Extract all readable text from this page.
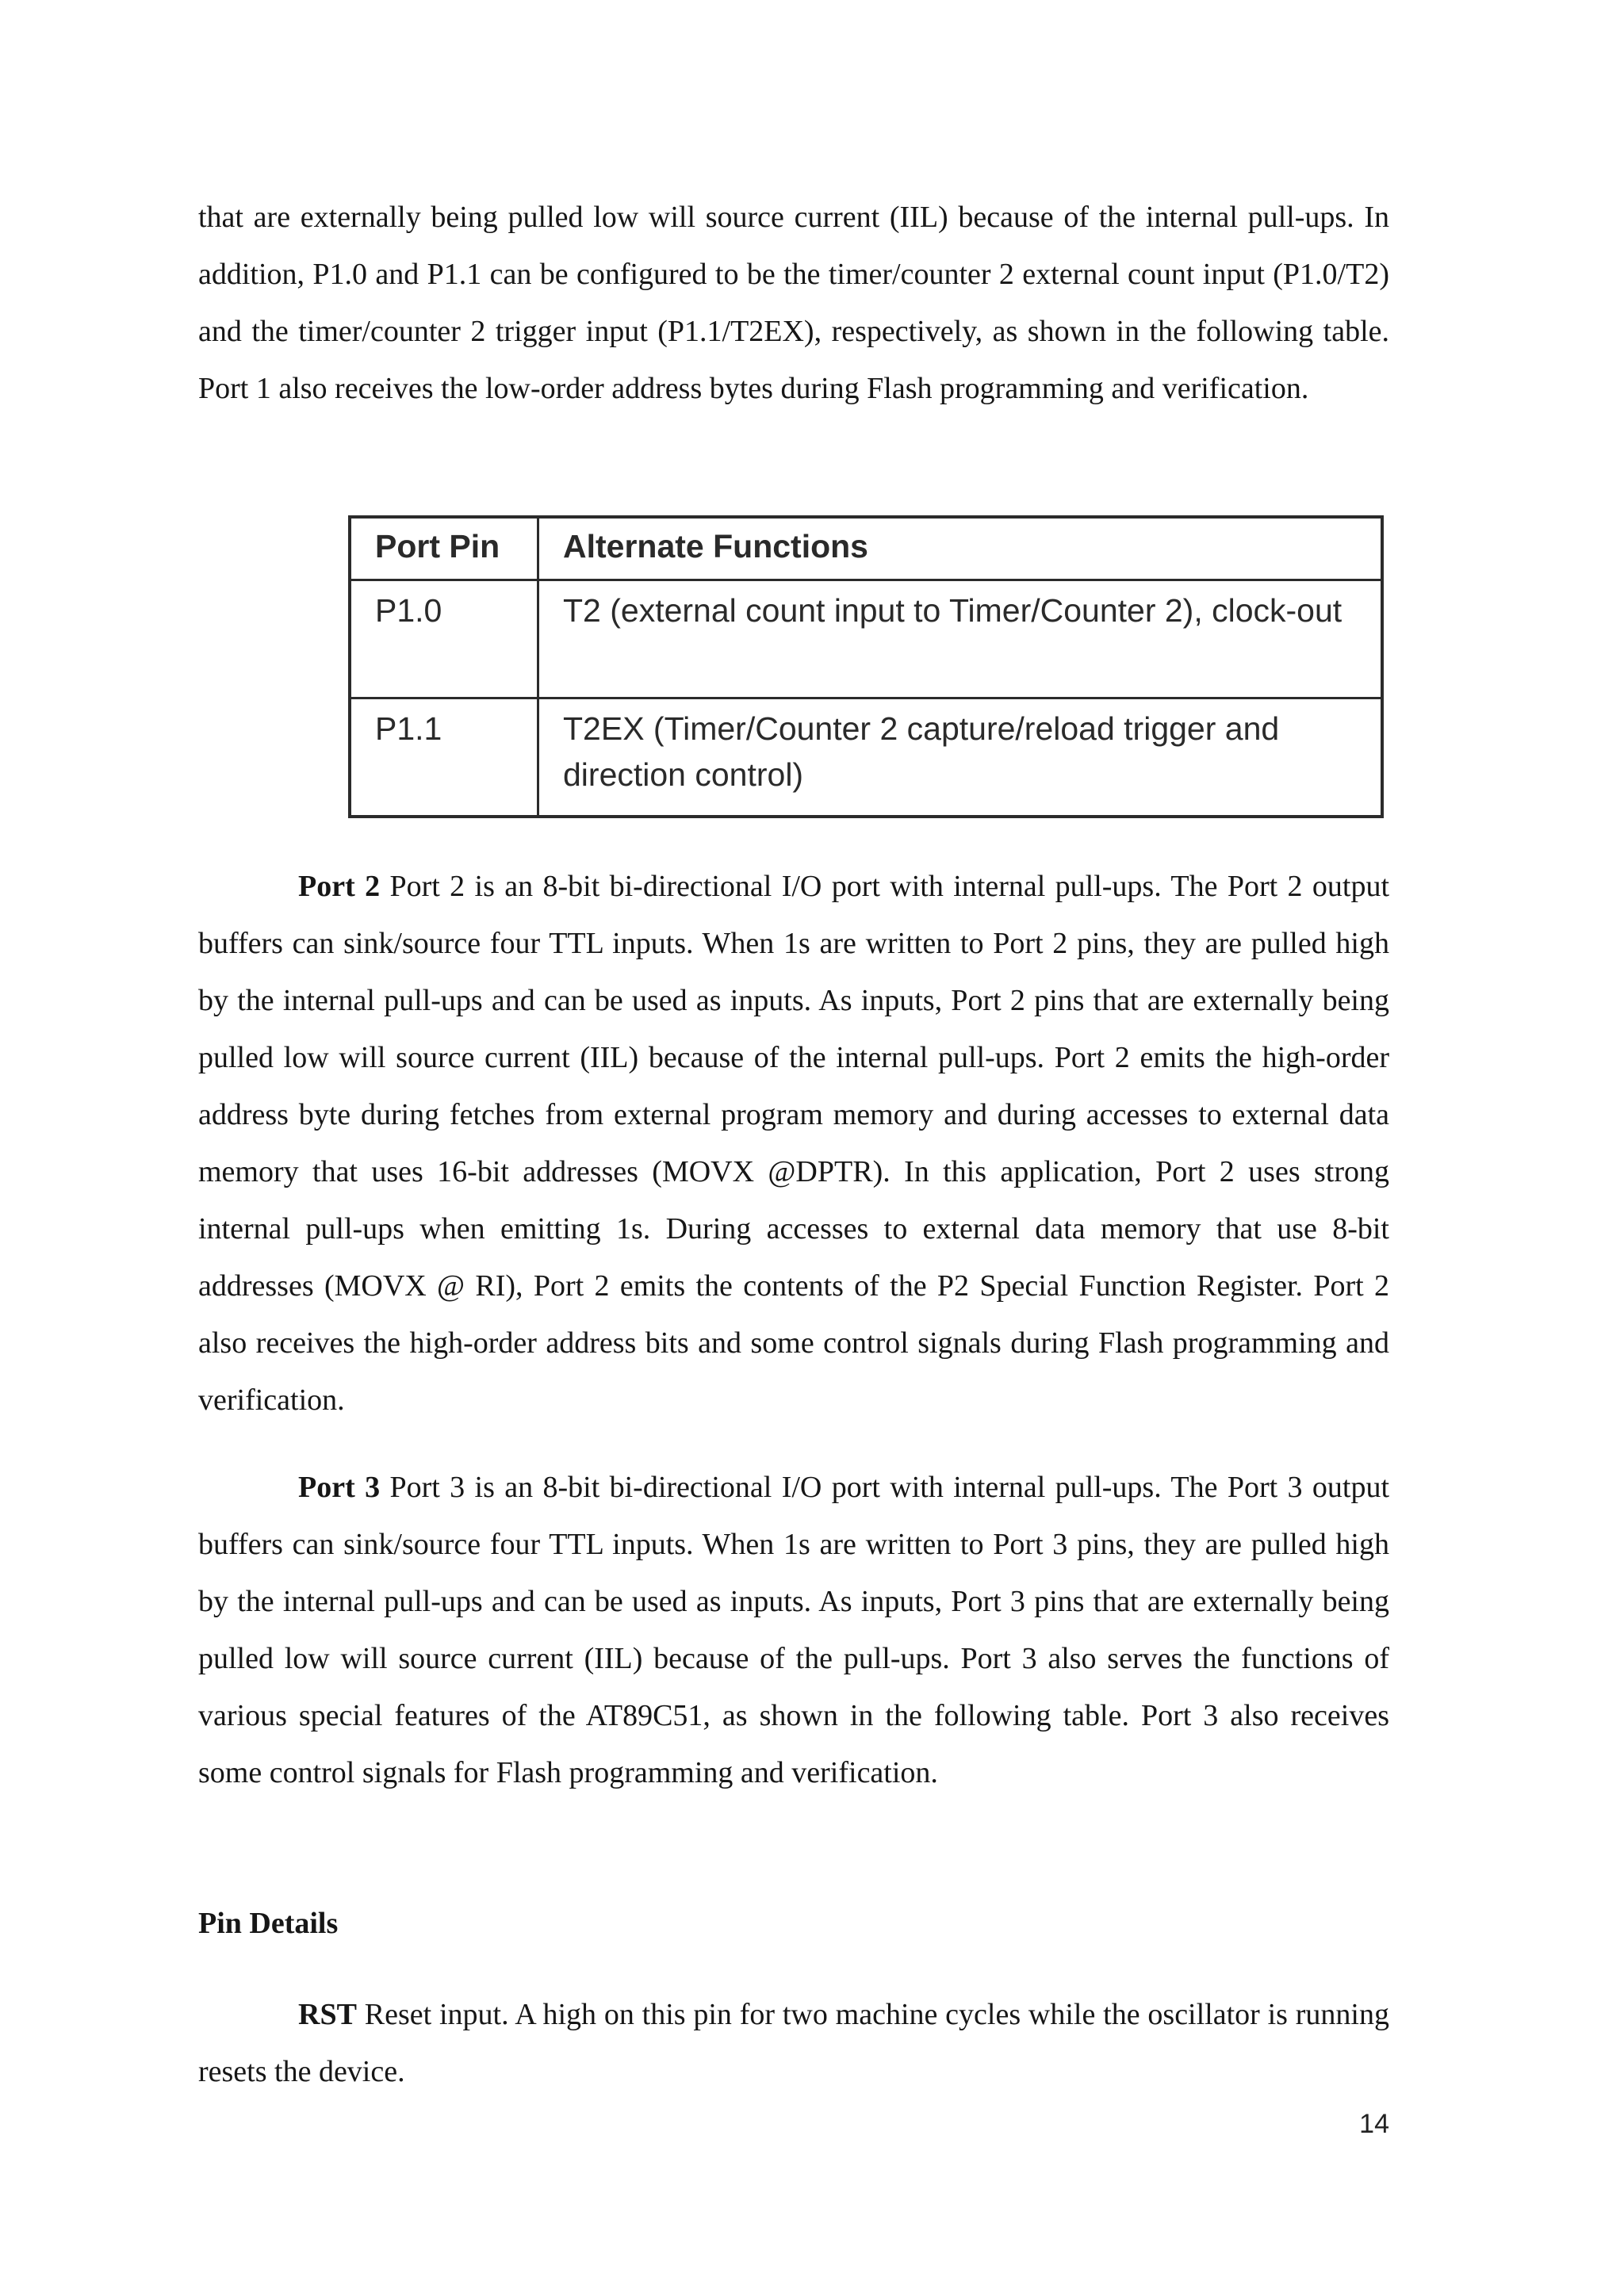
that are externally being pulled low will source current (IIL) because of the internal pull-ups. In addition, P1.0 and P1.1 can be configured to be the timer/counter 2 external count input (P1.0/T2) and the timer/counter 2 trigger input (P1.1/T2EX), respectively, as shown in the following table. Port 1 also receives the low-order address bytes during Flash programming and verification.

Port Pin	Alternate Functions
P1.0	T2 (external count input to Timer/Counter 2), clock-out
P1.1	T2EX (Timer/Counter 2 capture/reload trigger and direction control)

Port 2 Port 2 is an 8-bit bi-directional I/O port with internal pull-ups. The Port 2 output buffers can sink/source four TTL inputs. When 1s are written to Port 2 pins, they are pulled high by the internal pull-ups and can be used as inputs. As inputs, Port 2 pins that are externally being pulled low will source current (IIL) because of the internal pull-ups. Port 2 emits the high-order address byte during fetches from external program memory and during accesses to external data memory that uses 16-bit addresses (MOVX @DPTR). In this application, Port 2 uses strong internal pull-ups when emitting 1s. During accesses to external data memory that use 8-bit addresses (MOVX @ RI), Port 2 emits the contents of the P2 Special Function Register. Port 2 also receives the high-order address bits and some control signals during Flash programming and verification.

Port 3 Port 3 is an 8-bit bi-directional I/O port with internal pull-ups. The Port 3 output buffers can sink/source four TTL inputs. When 1s are written to Port 3 pins, they are pulled high by the internal pull-ups and can be used as inputs. As inputs, Port 3 pins that are externally being pulled low will source current (IIL) because of the pull-ups. Port 3 also serves the functions of various special features of the AT89C51, as shown in the following table. Port 3 also receives some control signals for Flash programming and verification.

Pin Details

RST Reset input. A high on this pin for two machine cycles while the oscillator is running resets the device.

14
